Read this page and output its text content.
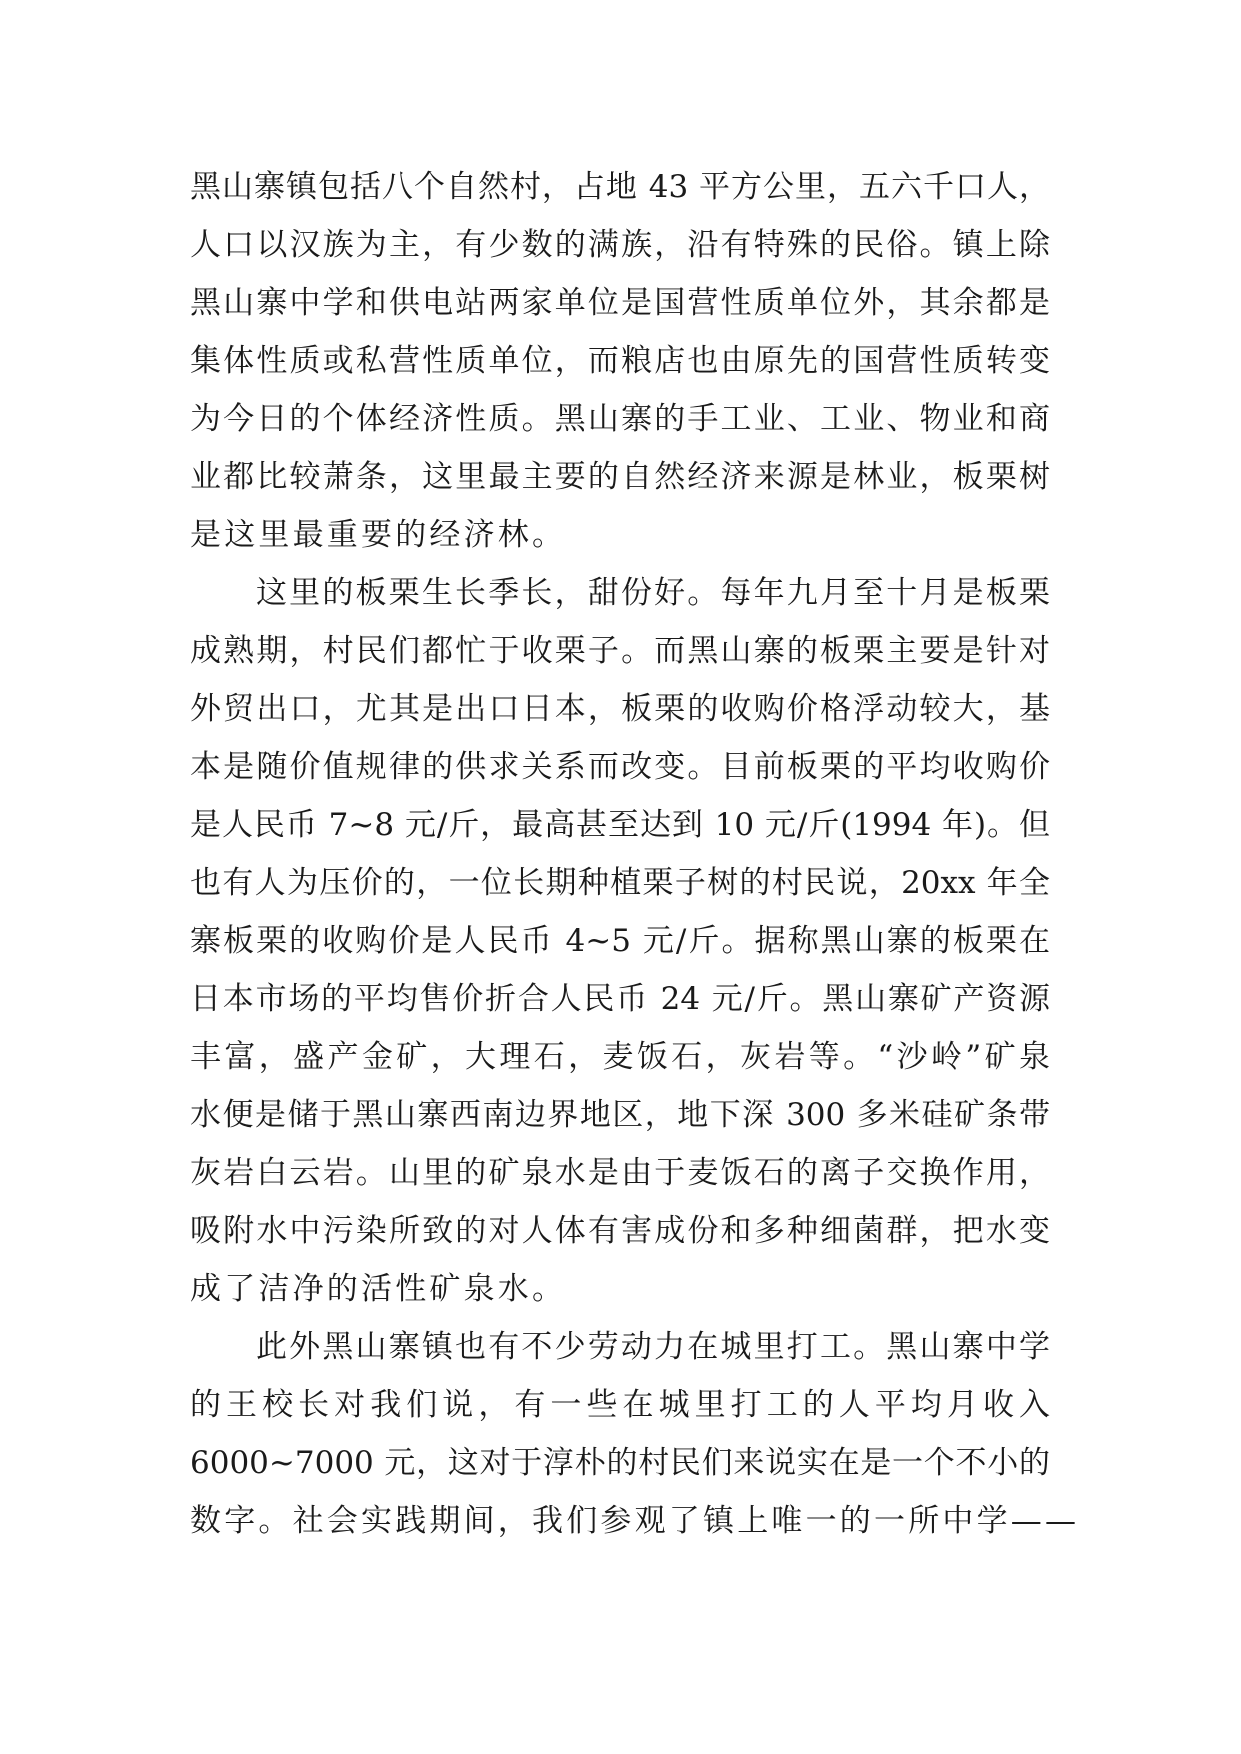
黑山寨镇包括八个自然村，占地 43 平方公里，五六千口人，
人口以汉族为主，有少数的满族，沿有特殊的民俗。镇上除
黑山寨中学和供电站两家单位是国营性质单位外，其余都是
集体性质或私营性质单位，而粮店也由原先的国营性质转变
为今日的个体经济性质。黑山寨的手工业、工业、物业和商
业都比较萧条，这里最主要的自然经济来源是林业，板栗树
是这里最重要的经济林。
这里的板栗生长季长，甜份好。每年九月至十月是板栗
成熟期，村民们都忙于收栗子。而黑山寨的板栗主要是针对
外贸出口，尤其是出口日本，板栗的收购价格浮动较大，基
本是随价值规律的供求关系而改变。目前板栗的平均收购价
是人民币 7~8 元/斤，最高甚至达到 10 元/斤(1994 年)。但
也有人为压价的，一位长期种植栗子树的村民说，20xx 年全
寨板栗的收购价是人民币 4~5 元/斤。据称黑山寨的板栗在
日本市场的平均售价折合人民币 24 元/斤。黑山寨矿产资源
丰富，盛产金矿，大理石，麦饭石，灰岩等。“沙岭”矿泉
水便是储于黑山寨西南边界地区，地下深 300 多米硅矿条带
灰岩白云岩。山里的矿泉水是由于麦饭石的离子交换作用，
吸附水中污染所致的对人体有害成份和多种细菌群，把水变
成了洁净的活性矿泉水。
此外黑山寨镇也有不少劳动力在城里打工。黑山寨中学
的王校长对我们说，有一些在城里打工的人平均月收入
6000~7000 元，这对于淳朴的村民们来说实在是一个不小的
数字。社会实践期间，我们参观了镇上唯一的一所中学——
